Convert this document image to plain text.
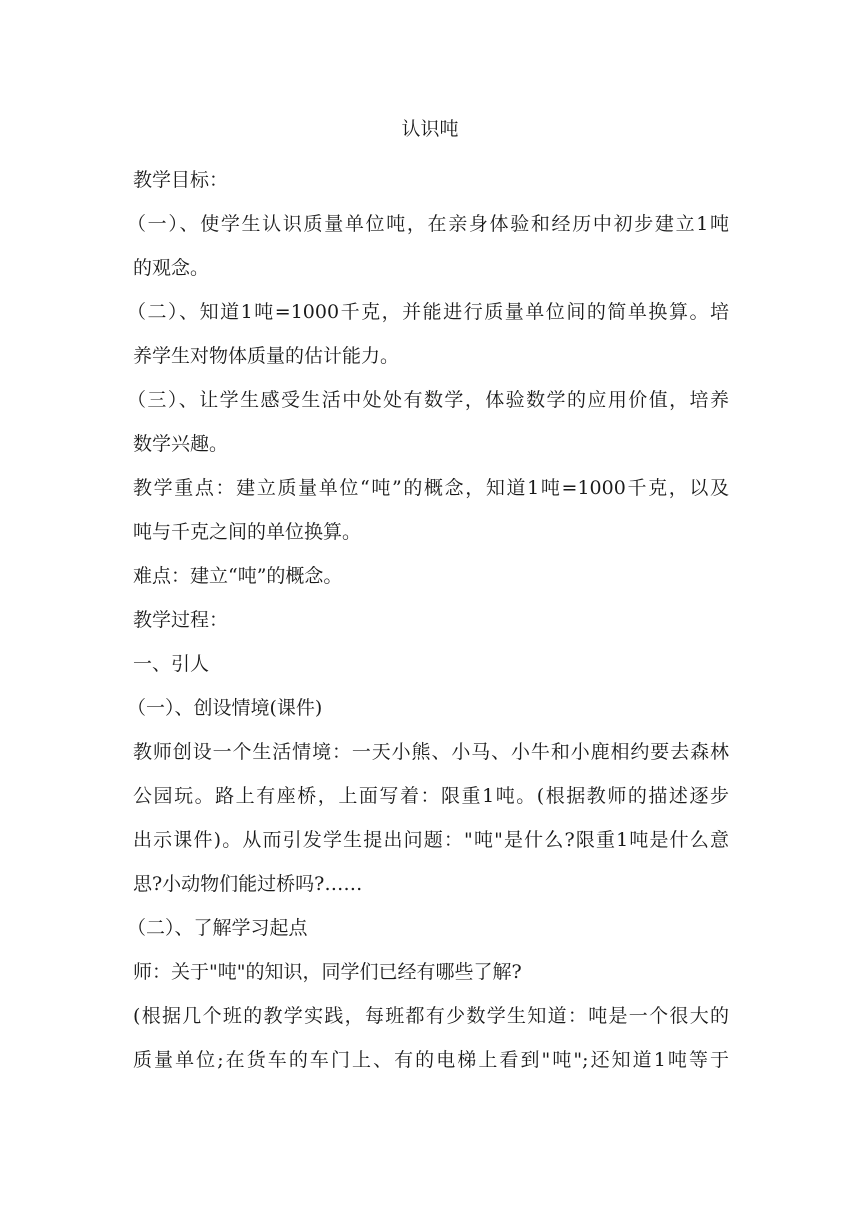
认识吨
教学目标：
（一）、使学生认识质量单位吨，在亲身体验和经历中初步建立1吨
的观念。
（二）、知道1吨=1000千克，并能进行质量单位间的简单换算。培
养学生对物体质量的估计能力。
（三）、让学生感受生活中处处有数学，体验数学的应用价值，培养
数学兴趣。
教学重点：建立质量单位“吨”的概念，知道1吨=1000千克，以及
吨与千克之间的单位换算。
难点：建立“吨”的概念。
教学过程：
一、引人
（一）、创设情境(课件)
教师创设一个生活情境：一天小熊、小马、小牛和小鹿相约要去森林
公园玩。路上有座桥，上面写着：限重1吨。(根据教师的描述逐步
出示课件)。从而引发学生提出问题："吨"是什么?限重1吨是什么意
思?小动物们能过桥吗?……
（二）、了解学习起点
师：关于"吨"的知识，同学们已经有哪些了解?
(根据几个班的教学实践，每班都有少数学生知道：吨是一个很大的
质量单位;在货车的车门上、有的电梯上看到"吨";还知道1吨等于
